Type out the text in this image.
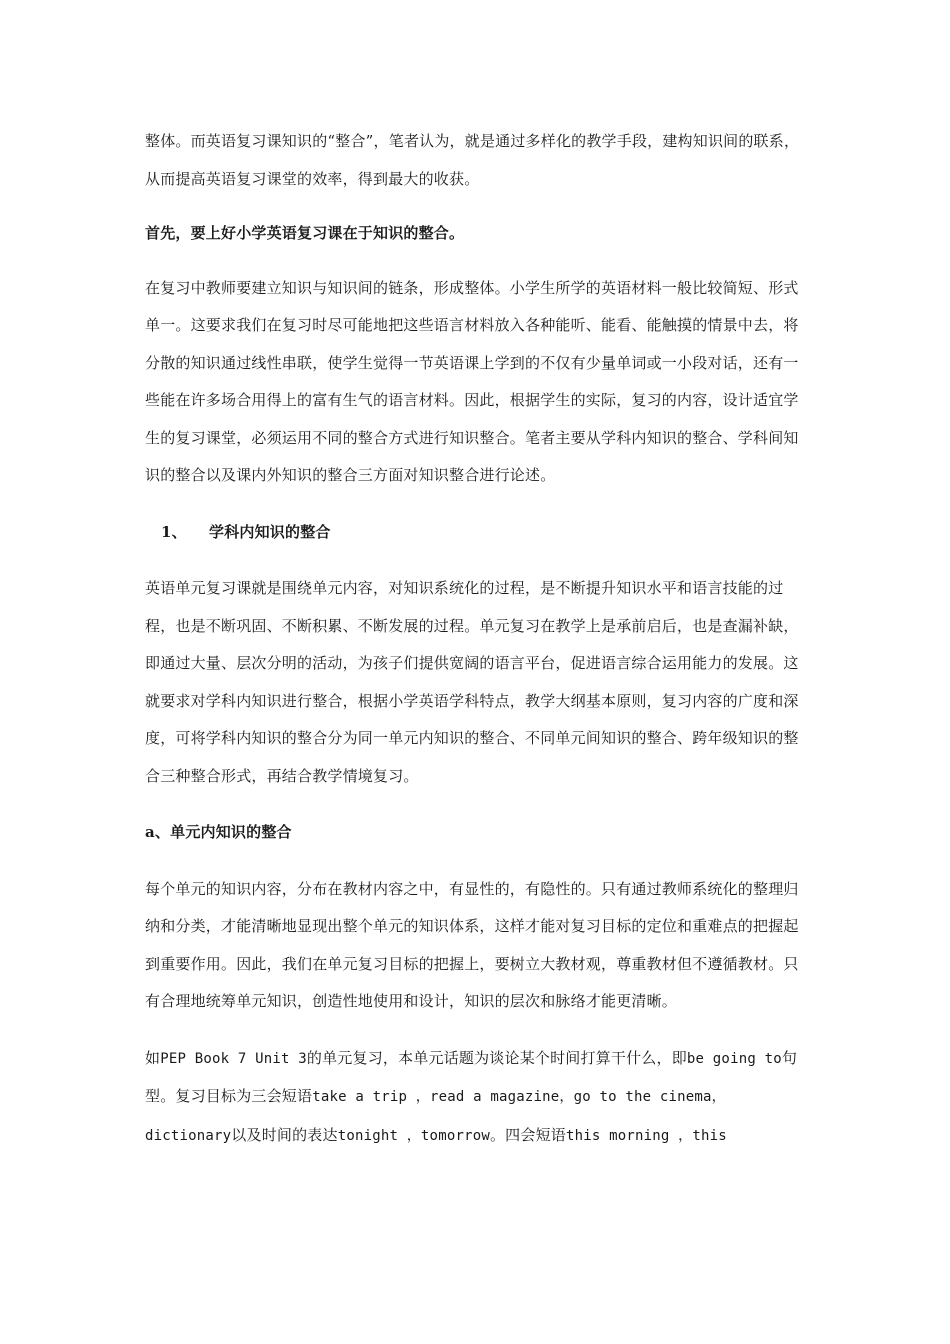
整体。而英语复习课知识的“整合”，笔者认为，就是通过多样化的教学手段，建构知识间的联系，从而提高英语复习课堂的效率，得到最大的收获。

首先，要上好小学英语复习课在于知识的整合。

在复习中教师要建立知识与知识间的链条，形成整体。小学生所学的英语材料一般比较简短、形式单一。这要求我们在复习时尽可能地把这些语言材料放入各种能听、能看、能触摸的情景中去，将分散的知识通过线性串联，使学生觉得一节英语课上学到的不仅有少量单词或一小段对话，还有一些能在许多场合用得上的富有生气的语言材料。因此，根据学生的实际，复习的内容，设计适宜学生的复习课堂，必须运用不同的整合方式进行知识整合。笔者主要从学科内知识的整合、学科间知识的整合以及课内外知识的整合三方面对知识整合进行论述。

1、 学科内知识的整合

英语单元复习课就是围绕单元内容，对知识系统化的过程，是不断提升知识水平和语言技能的过程，也是不断巩固、不断积累、不断发展的过程。单元复习在教学上是承前启后，也是查漏补缺，即通过大量、层次分明的活动，为孩子们提供宽阔的语言平台，促进语言综合运用能力的发展。这就要求对学科内知识进行整合，根据小学英语学科特点，教学大纲基本原则，复习内容的广度和深度，可将学科内知识的整合分为同一单元内知识的整合、不同单元间知识的整合、跨年级知识的整合三种整合形式，再结合教学情境复习。

a、单元内知识的整合

每个单元的知识内容，分布在教材内容之中，有显性的，有隐性的。只有通过教师系统化的整理归纳和分类，才能清晰地显现出整个单元的知识体系，这样才能对复习目标的定位和重难点的把握起到重要作用。因此，我们在单元复习目标的把握上，要树立大教材观，尊重教材但不遵循教材。只有合理地统筹单元知识，创造性地使用和设计，知识的层次和脉络才能更清晰。

如PEP Book 7 Unit 3的单元复习，本单元话题为谈论某个时间打算干什么，即be going to句型。复习目标为三会短语take a trip ，read a magazine，go to the cinema，dictionary以及时间的表达tonight ，tomorrow。四会短语this morning ，this
